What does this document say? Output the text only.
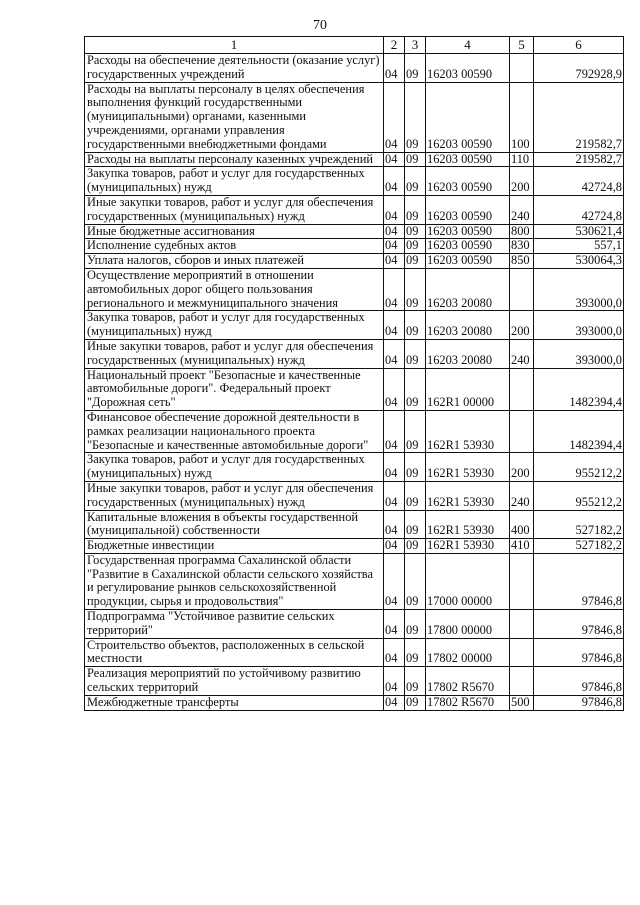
70
1	2	3	4	5	6
Расходы на обеспечение деятельности (оказание услуг) государственных учреждений	04	09	16203 00590		792928,9
Расходы на выплаты персоналу в целях обеспечения выполнения функций государственными (муниципальными) органами, казенными учреждениями, органами управления государственными внебюджетными фондами	04	09	16203 00590	100	219582,7
Расходы на выплаты персоналу казенных учреждений	04	09	16203 00590	110	219582,7
Закупка товаров, работ и услуг для государственных (муниципальных) нужд	04	09	16203 00590	200	42724,8
Иные закупки товаров, работ и услуг для обеспечения государственных (муниципальных) нужд	04	09	16203 00590	240	42724,8
Иные бюджетные ассигнования	04	09	16203 00590	800	530621,4
Исполнение судебных актов	04	09	16203 00590	830	557,1
Уплата налогов, сборов и иных платежей	04	09	16203 00590	850	530064,3
Осуществление мероприятий в отношении автомобильных дорог общего пользования регионального и межмуниципального значения	04	09	16203 20080		393000,0
Закупка товаров, работ и услуг для государственных (муниципальных) нужд	04	09	16203 20080	200	393000,0
Иные закупки товаров, работ и услуг для обеспечения государственных (муниципальных) нужд	04	09	16203 20080	240	393000,0
Национальный проект "Безопасные и качественные автомобильные дороги". Федеральный проект "Дорожная сеть"	04	09	162R1 00000		1482394,4
Финансовое обеспечение дорожной деятельности в рамках реализации национального проекта "Безопасные и качественные автомобильные дороги"	04	09	162R1 53930		1482394,4
Закупка товаров, работ и услуг для государственных (муниципальных) нужд	04	09	162R1 53930	200	955212,2
Иные закупки товаров, работ и услуг для обеспечения государственных (муниципальных) нужд	04	09	162R1 53930	240	955212,2
Капитальные вложения в объекты государственной (муниципальной) собственности	04	09	162R1 53930	400	527182,2
Бюджетные инвестиции	04	09	162R1 53930	410	527182,2
Государственная программа Сахалинской области "Развитие в Сахалинской области сельского хозяйства и регулирование рынков сельскохозяйственной продукции, сырья и продовольствия"	04	09	17000 00000		97846,8
Подпрограмма "Устойчивое развитие сельских территорий"	04	09	17800 00000		97846,8
Строительство объектов, расположенных в сельской местности	04	09	17802 00000		97846,8
Реализация мероприятий по устойчивому развитию сельских территорий	04	09	17802 R5670		97846,8
Межбюджетные трансферты	04	09	17802 R5670	500	97846,8
